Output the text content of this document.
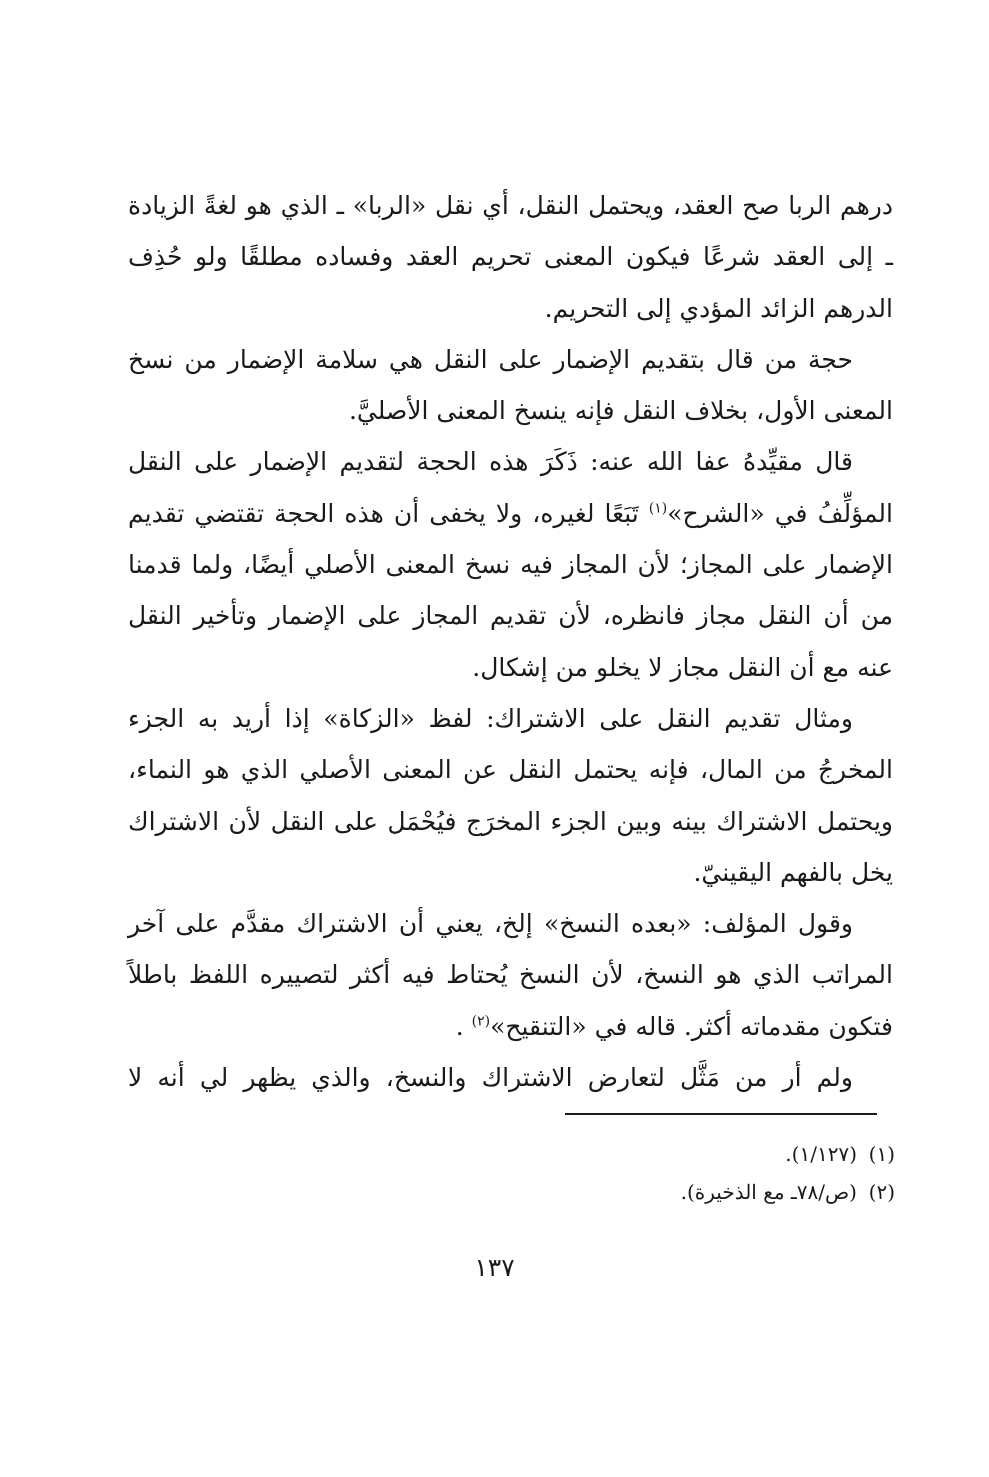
درهم الربا صح العقد، ويحتمل النقل، أي نقل «الربا» ـ الذي هو لغةً الزيادة ـ إلى العقد شرعًا فيكون المعنى تحريم العقد وفساده مطلقًا ولو حُذِف الدرهم الزائد المؤدي إلى التحريم.

حجة من قال بتقديم الإضمار على النقل هي سلامة الإضمار من نسخ المعنى الأول، بخلاف النقل فإنه ينسخ المعنى الأصليَّ.

قال مقيِّدهُ عفا الله عنه: ذَكَرَ هذه الحجة لتقديم الإضمار على النقل المؤلِّفُ في «الشرح»$^{(١)}$ تَبَعًا لغيره، ولا يخفى أن هذه الحجة تقتضي تقديم الإضمار على المجاز؛ لأن المجاز فيه نسخ المعنى الأصلي أيضًا، ولما قدمنا من أن النقل مجاز فانظره، لأن تقديم المجاز على الإضمار وتأخير النقل عنه مع أن النقل مجاز لا يخلو من إشكال.

ومثال تقديم النقل على الاشتراك: لفظ «الزكاة» إذا أريد به الجزء المخرجُ من المال، فإنه يحتمل النقل عن المعنى الأصلي الذي هو النماء، ويحتمل الاشتراك بينه وبين الجزء المخرَج فيُحْمَل على النقل لأن الاشتراك يخل بالفهم اليقينيّ.

وقول المؤلف: «بعده النسخ» إلخ، يعني أن الاشتراك مقدَّم على آخر المراتب الذي هو النسخ، لأن النسخ يُحتاط فيه أكثر لتصييره اللفظ باطلاً فتكون مقدماته أكثر. قاله في «التنقيح»$^{(٢)}$ .

ولم أر من مَثَّل لتعارض الاشتراك والنسخ، والذي يظهر لي أنه لا

(١)(١/١٢٧).
(٢)(ص/٧٨ـ مع الذخيرة).
١٣٧
